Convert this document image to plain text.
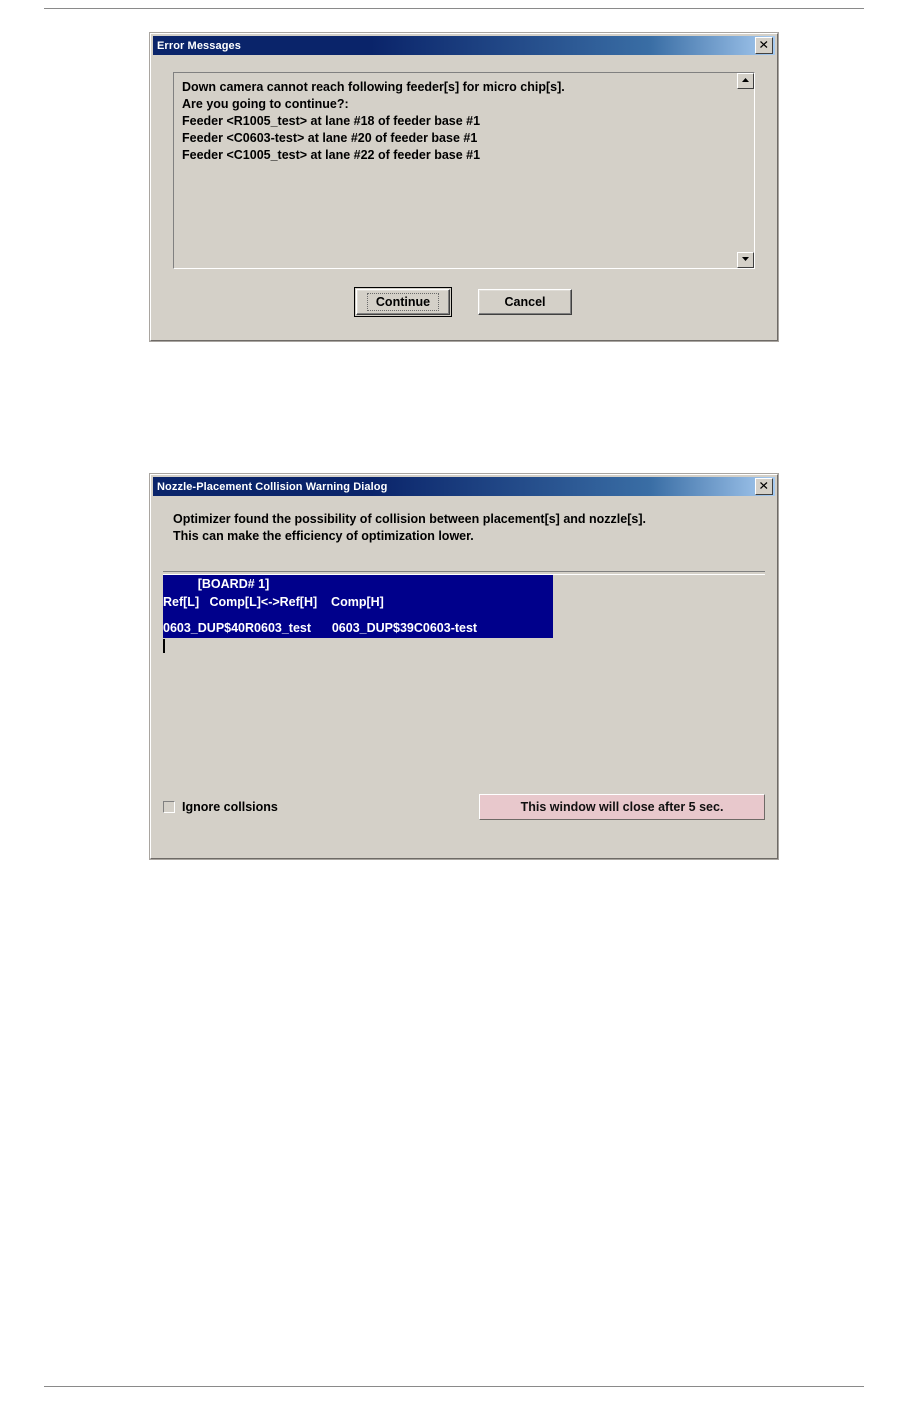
Error Messages
Down camera cannot reach following feeder[s] for micro chip[s].
Are you going to continue?:
Feeder <R1005_test> at lane #18 of feeder base #1
Feeder <C0603-test> at lane #20 of feeder base #1
Feeder <C1005_test> at lane #22 of feeder base #1
Continue	Cancel
Nozzle-Placement Collision Warning Dialog
Optimizer found the possibility of collision between placement[s] and nozzle[s].
This can make the efficiency of optimization lower.
[BOARD# 1]
Ref[L]   Comp[L]<->Ref[H]    Comp[H]
0603_DUP$40R0603_test      0603_DUP$39C0603-test
Ignore collsions	This window will close after 5 sec.
